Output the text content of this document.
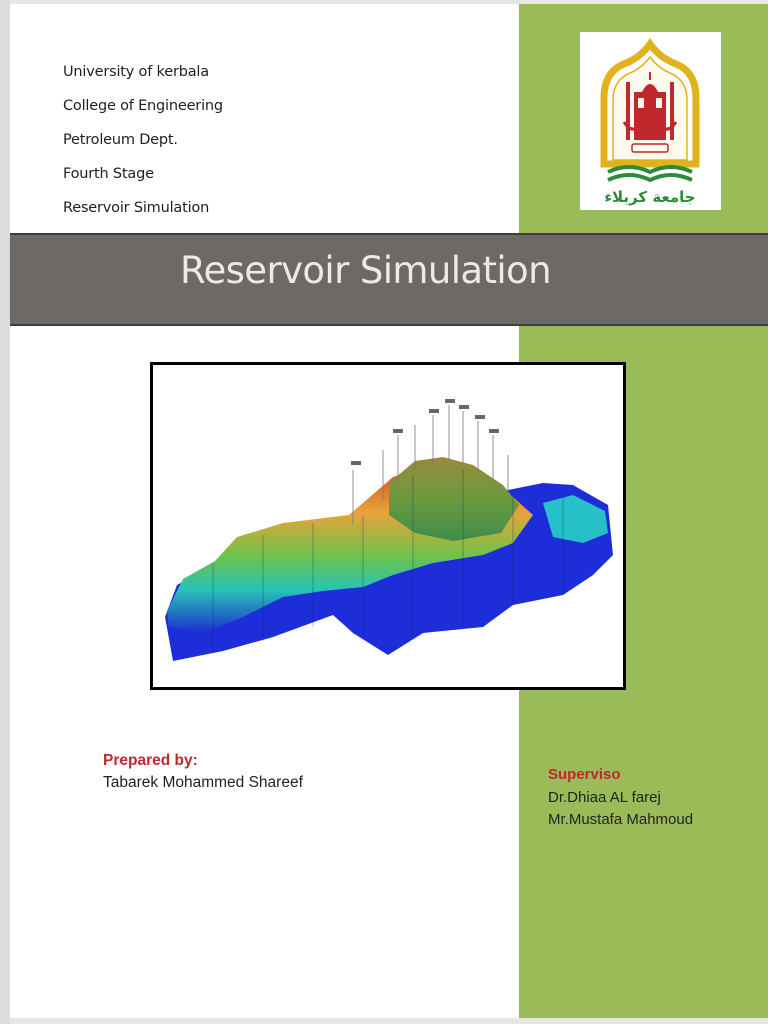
University of kerbala
College of Engineering
Petroleum Dept.
Fourth Stage
Reservoir Simulation
جامعة كربلاء
Reservoir Simulation
Prepared by:
Tabarek Mohammed Shareef	Superviso
Dr.Dhiaa AL farej
Mr.Mustafa Mahmoud
